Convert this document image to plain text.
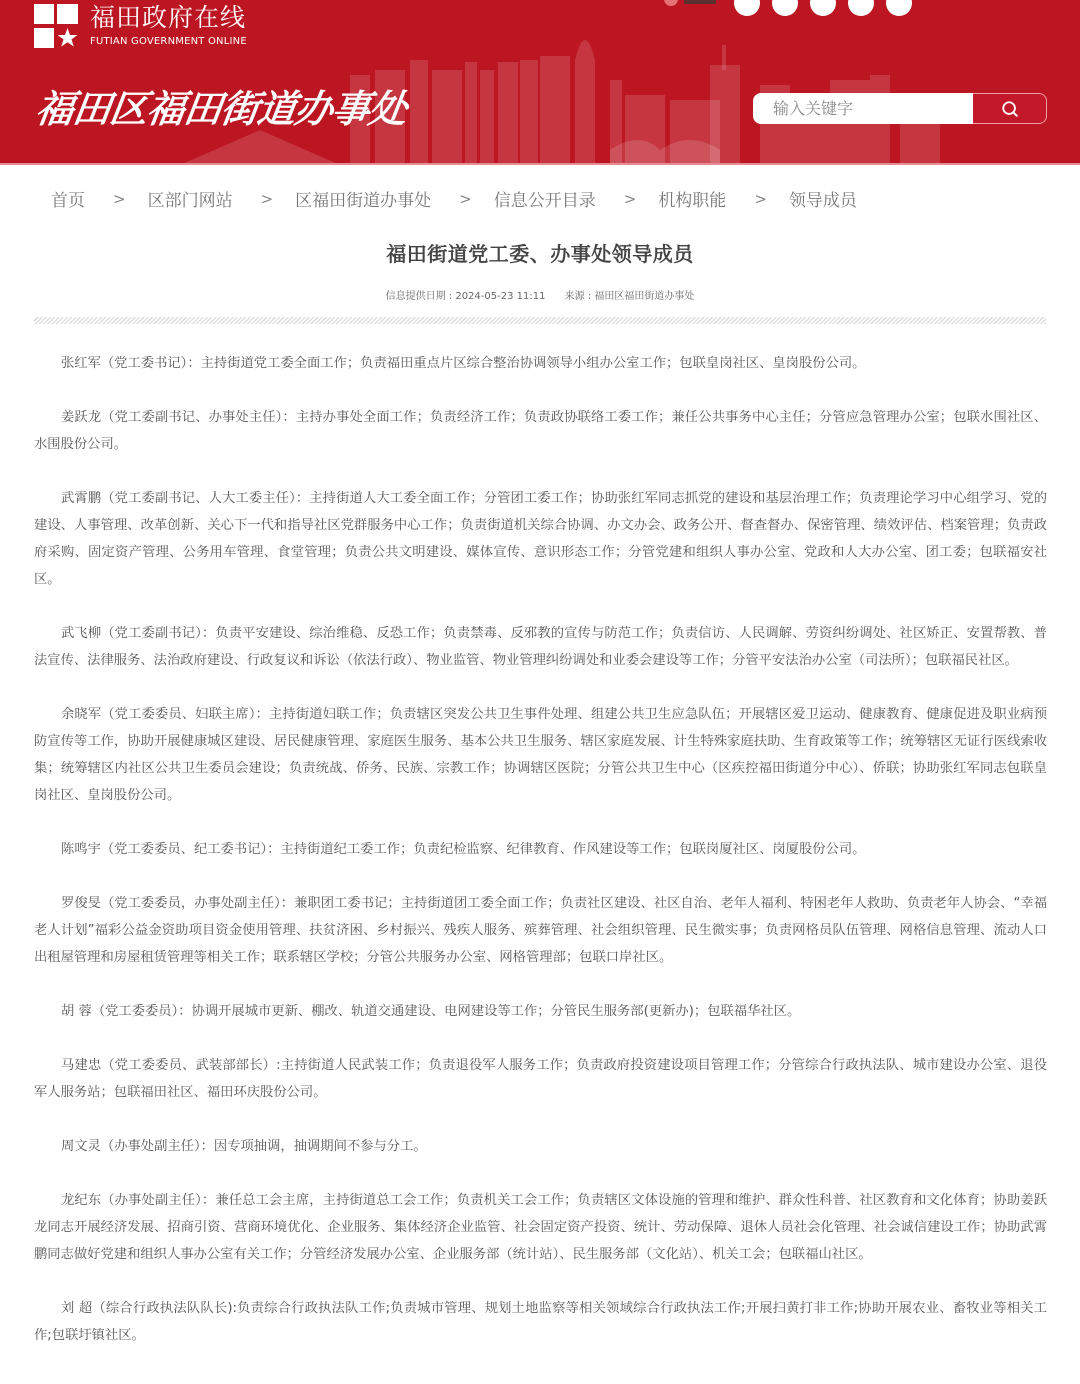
福田政府在线
FUTIAN GOVERNMENT ONLINE
福田区福田街道办事处
输入关键字
首页 > 区部门网站 > 区福田街道办事处 > 信息公开目录 > 机构职能 > 领导成员
福田街道党工委、办事处领导成员
信息提供日期 : 2024-05-23 11:11 来源 : 福田区福田街道办事处

张红军（党工委书记）：主持街道党工委全面工作；负责福田重点片区综合整治协调领导小组办公室工作；包联皇岗社区、皇岗股份公司。

姜跃龙（党工委副书记、办事处主任）：主持办事处全面工作；负责经济工作；负责政协联络工委工作；兼任公共事务中心主任；分管应急管理办公室；包联水围社区、水围股份公司。

武霄鹏（党工委副书记、人大工委主任）：主持街道人大工委全面工作；分管团工委工作；协助张红军同志抓党的建设和基层治理工作；负责理论学习中心组学习、党的建设、人事管理、改革创新、关心下一代和指导社区党群服务中心工作；负责街道机关综合协调、办文办会、政务公开、督查督办、保密管理、绩效评估、档案管理；负责政府采购、固定资产管理、公务用车管理、食堂管理；负责公共文明建设、媒体宣传、意识形态工作；分管党建和组织人事办公室、党政和人大办公室、团工委；包联福安社区。

武飞柳（党工委副书记）：负责平安建设、综治维稳、反恐工作；负责禁毒、反邪教的宣传与防范工作；负责信访、人民调解、劳资纠纷调处、社区矫正、安置帮教、普法宣传、法律服务、法治政府建设、行政复议和诉讼（依法行政）、物业监管、物业管理纠纷调处和业委会建设等工作；分管平安法治办公室（司法所）；包联福民社区。

余晓军（党工委委员、妇联主席）：主持街道妇联工作；负责辖区突发公共卫生事件处理、组建公共卫生应急队伍；开展辖区爱卫运动、健康教育、健康促进及职业病预防宣传等工作，协助开展健康城区建设、居民健康管理、家庭医生服务、基本公共卫生服务、辖区家庭发展、计生特殊家庭扶助、生育政策等工作；统筹辖区无证行医线索收集；统筹辖区内社区公共卫生委员会建设；负责统战、侨务、民族、宗教工作；协调辖区医院；分管公共卫生中心（区疾控福田街道分中心）、侨联；协助张红军同志包联皇岗社区、皇岗股份公司。

陈鸣宇（党工委委员、纪工委书记）：主持街道纪工委工作；负责纪检监察、纪律教育、作风建设等工作；包联岗厦社区、岗厦股份公司。

罗俊旻（党工委委员，办事处副主任）：兼职团工委书记；主持街道团工委全面工作；负责社区建设、社区自治、老年人福利、特困老年人救助、负责老年人协会、“幸福老人计划”福彩公益金资助项目资金使用管理、扶贫济困、乡村振兴、残疾人服务、殡葬管理、社会组织管理、民生微实事；负责网格员队伍管理、网格信息管理、流动人口出租屋管理和房屋租赁管理等相关工作；联系辖区学校；分管公共服务办公室、网格管理部；包联口岸社区。

胡 蓉（党工委委员）：协调开展城市更新、棚改、轨道交通建设、电网建设等工作；分管民生服务部(更新办)；包联福华社区。

马建忠（党工委委员、武装部部长）:主持街道人民武装工作；负责退役军人服务工作；负责政府投资建设项目管理工作；分管综合行政执法队、城市建设办公室、退役军人服务站；包联福田社区、福田环庆股份公司。

周文灵（办事处副主任）：因专项抽调，抽调期间不参与分工。

龙纪东（办事处副主任）：兼任总工会主席，主持街道总工会工作；负责机关工会工作；负责辖区文体设施的管理和维护、群众性科普、社区教育和文化体育；协助姜跃龙同志开展经济发展、招商引资、营商环境优化、企业服务、集体经济企业监管、社会固定资产投资、统计、劳动保障、退休人员社会化管理、社会诚信建设工作；协助武霄鹏同志做好党建和组织人事办公室有关工作；分管经济发展办公室、企业服务部（统计站）、民生服务部（文化站）、机关工会；包联福山社区。

刘 超（综合行政执法队队长):负责综合行政执法队工作;负责城市管理、规划土地监察等相关领域综合行政执法工作;开展扫黄打非工作;协助开展农业、畜牧业等相关工作;包联圩镇社区。
